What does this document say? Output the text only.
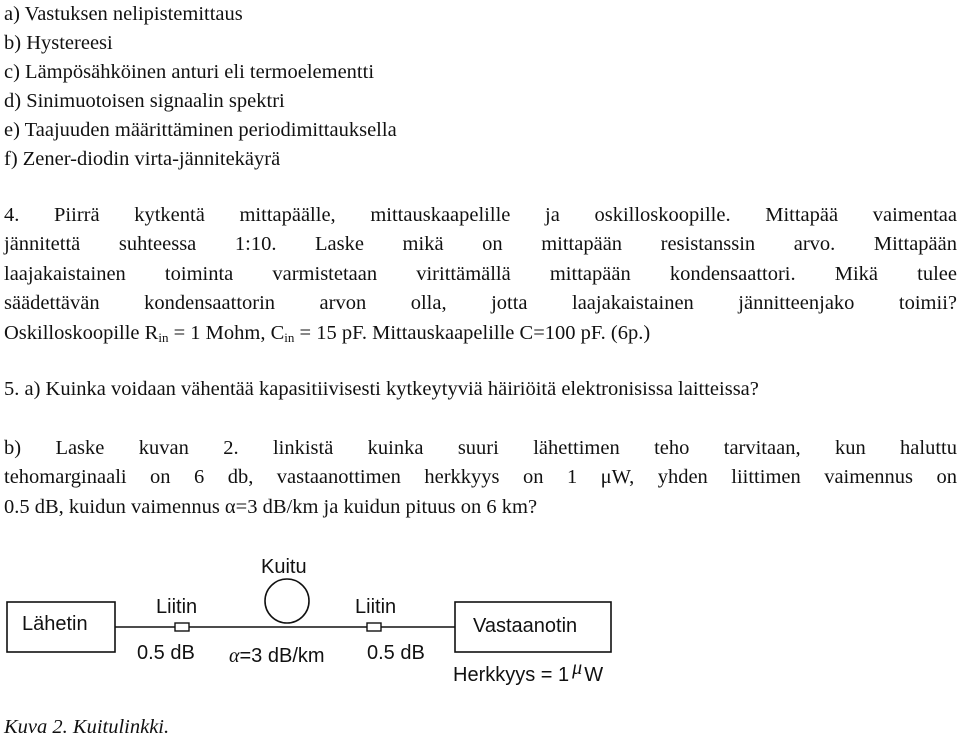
a) Vastuksen nelipistemittaus
b) Hystereesi
c) Lämpösähköinen anturi eli termoelementti
d) Sinimuotoisen signaalin spektri
e) Taajuuden määrittäminen periodimittauksella
f) Zener-diodin virta-jännitekäyrä
4. Piirrä kytkentä mittapäälle, mittauskaapelille ja oskilloskoopille. Mittapää vaimentaa
jännitettä suhteessa 1:10. Laske mikä on mittapään resistanssin arvo. Mittapään
laajakaistainen toiminta varmistetaan virittämällä mittapään kondensaattori. Mikä tulee
säädettävän kondensaattorin arvon olla, jotta laajakaistainen jännitteenjako toimii?
Oskilloskoopille $R_{in} = 1$ Mohm, $C_{in} = 15$ pF. Mittauskaapelille C=100 pF. (6p.)
5. a) Kuinka voidaan vähentää kapasitiivisesti kytkeytyviä häiriöitä elektronisissa laitteissa?
b) Laske kuvan 2. linkistä kuinka suuri lähettimen teho tarvitaan, kun haluttu
tehomarginaali on 6 db, vastaanottimen herkkyys on 1 μW, yhden liittimen vaimennus on
0.5 dB, kuidun vaimennus α=3 dB/km ja kuidun pituus on 6 km?
Lähetin
Liitin
0.5 dB
Kuitu
α=3 dB/km
Liitin
0.5 dB
Vastaanotin
Herkkyys = 1 μ W
Kuva 2. Kuitulinkki.
